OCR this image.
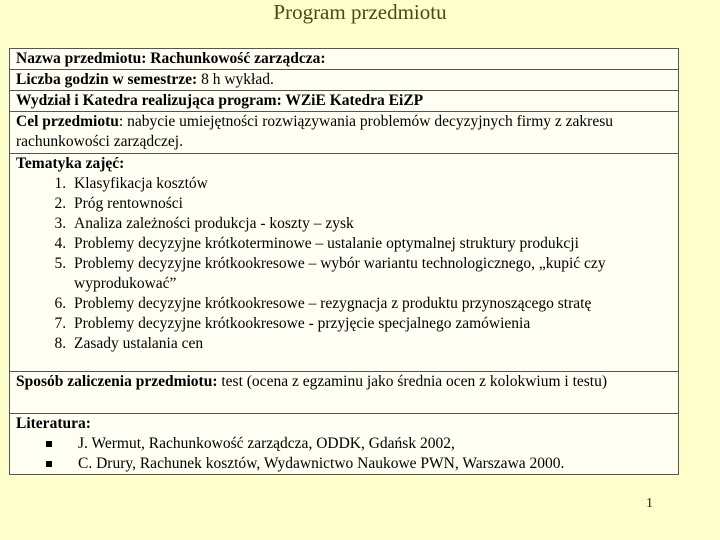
Program przedmiotu
Nazwa przedmiotu: Rachunkowość zarządcza:
Liczba godzin w semestrze: 8 h wykład.
Wydział i Katedra realizująca program: WZiE Katedra EiZP
Cel przedmiotu: nabycie umiejętności rozwiązywania problemów decyzyjnych firmy z zakresu rachunkowości zarządczej.
Tematyka zajęć:
1. Klasyfikacja kosztów
2. Próg rentowności
3. Analiza zależności produkcja - koszty – zysk
4. Problemy decyzyjne krótkoterminowe – ustalanie optymalnej struktury produkcji
5. Problemy decyzyjne krótkookresowe – wybór wariantu technologicznego, „kupić czy wyprodukować”
6. Problemy decyzyjne krótkookresowe – rezygnacja z produktu przynoszącego stratę
7. Problemy decyzyjne krótkookresowe - przyjęcie specjalnego zamówienia
8. Zasady ustalania cen
Sposób zaliczenia przedmiotu: test (ocena z egzaminu jako średnia ocen z kolokwium i testu)
Literatura:
J. Wermut, Rachunkowość zarządcza, ODDK, Gdańsk 2002,
C. Drury, Rachunek kosztów, Wydawnictwo Naukowe PWN, Warszawa 2000.
1
